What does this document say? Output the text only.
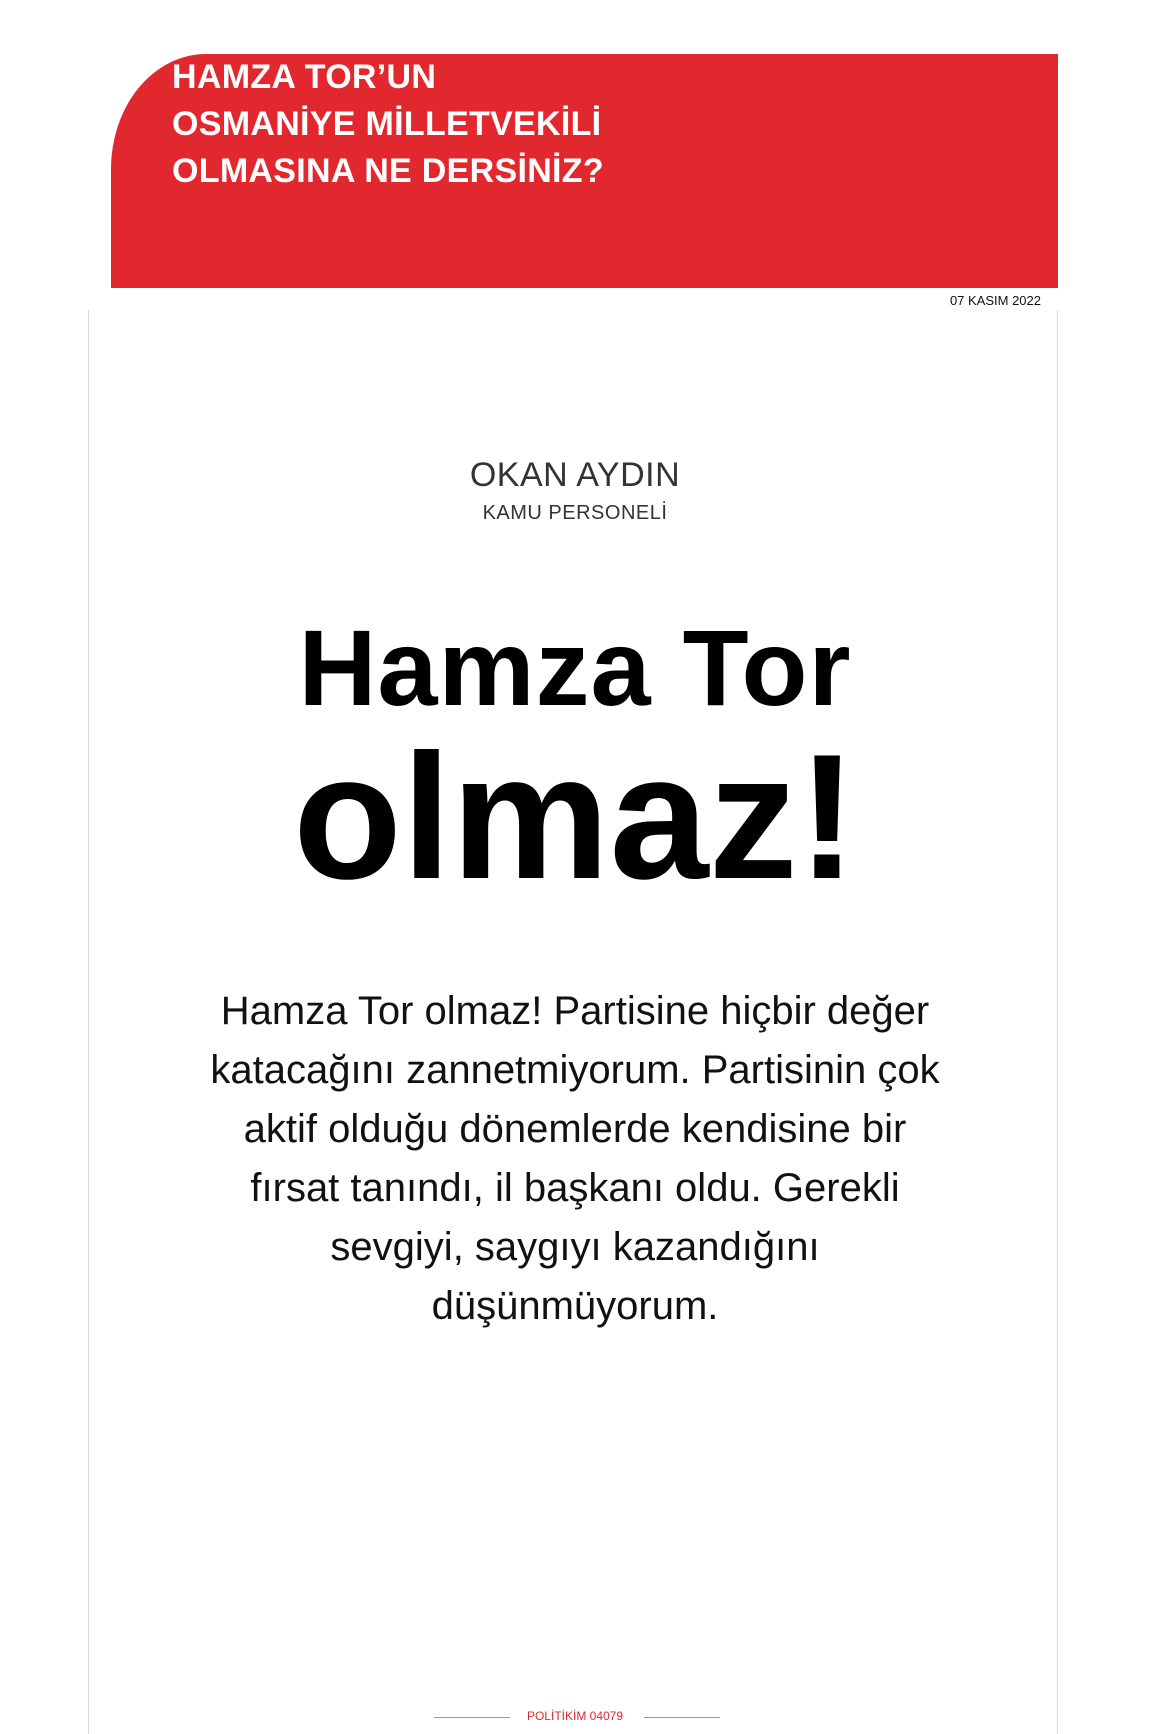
HAMZA TOR’UN
OSMANİYE MİLLETVEKİLİ
OLMASINA NE DERSİNİZ?
07 KASIM 2022
OKAN AYDIN
KAMU PERSONELİ
Hamza Tor
olmaz!

Hamza Tor olmaz! Partisine hiçbir değer katacağını zannetmiyorum. Partisinin çok aktif olduğu dönemlerde kendisine bir fırsat tanındı, il başkanı oldu. Gerekli sevgiyi, saygıyı kazandığını düşünmüyorum.

POLİTİKİM 04079
